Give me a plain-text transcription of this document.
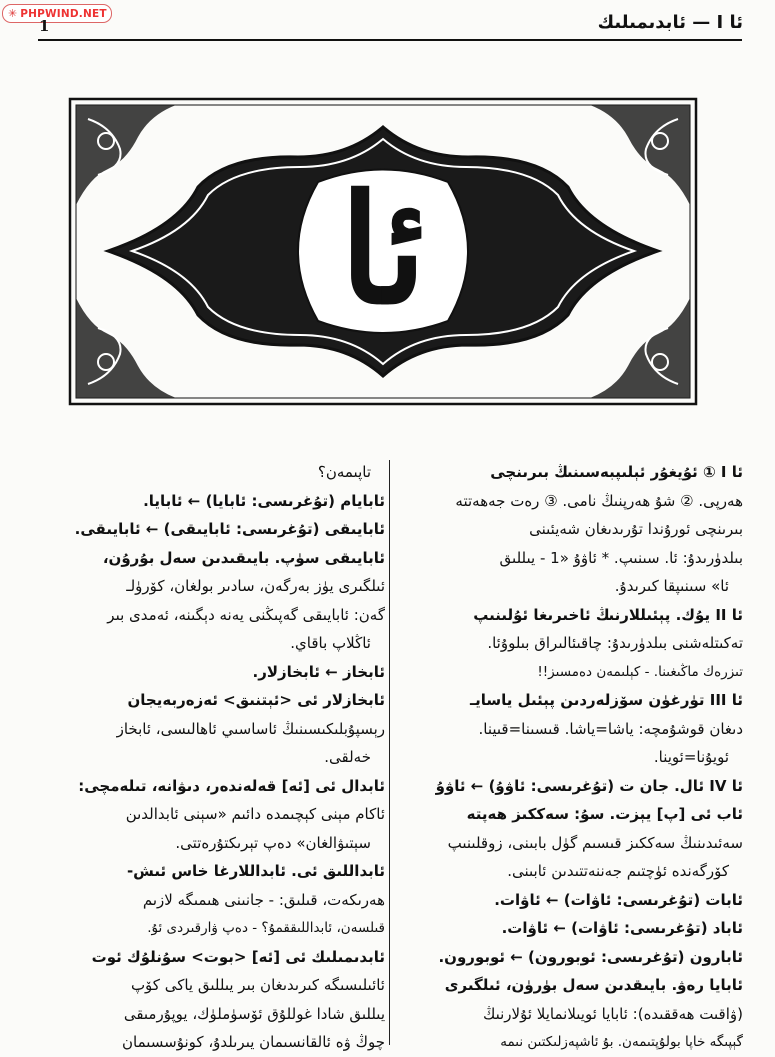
✳ PHPWIND.NET
1	ئا I — ئابدىمىلىك
ئا
ئا I ① ئۇيغۇر ئېلىپبەسىنىڭ بىرىنچى
ھەرپى. ② شۇ ھەرپنىڭ نامى. ③ رەت جەھەتتە
بىرىنچى ئورۇندا تۇرىدىغان شەيئىنى
بىلدۈرىدۇ: ئا. سىنىپ. * ئاۋۇ «1 - يىللىق
ئا» سىنىپقا كىرىدۇ.
ئا II يۇك. پېئىللارنىڭ ئاخىرىغا ئۇلىنىپ
تەكىتلەشنى بىلدۈرىدۇ: چاقىئالىراق بىلوۇئا.
تىزرەك ماڭىغىنا. - كېلىمەن دەمسىز!!
ئا III تۈرغۈن سۆزلەردىن پېئىل ياسايـ
دىغان قوشۇمچە: ياشا=ياشا. قىسىنا=قىينا.
ئويۇنا=ئوينا.
ئا IV ئال. جان ت (تۇغرىسى: ئاۋۇ) ← ئاۋۇ
ئاب ئى [پ] يېزت. سۇ: سەككىز ھەپتە
سەئىدىنىڭ سەككىز قىسىم گۈل بابىنى، زوقلىنىپ
كۆرگەندە ئۈچتىم جەننەتتىدىن ئابىنى.
ئابات (تۇغرىسى: ئاۋات) ← ئاۋات.
ئاباد (تۇغرىسى: ئاۋات) ← ئاۋات.
ئابارون (تۇغرىسى: ئوبورون) ← ئوبورون.
ئابايا رەۋ. بايىقدىن سەل بۈرۈن، ئىلگىرى
(ۋاقىت ھەققىدە): ئابايا ئويىلانمايلا ئۇلارنىڭ
گېپىگە خاپا بولۇپتىمەن. بۇ ئاشپەزلىكتىن نىمە
تاپىمەن؟
ئابايام (تۇغرىسى: ئابايا) ← ئابايا.
ئابايىقى (تۇغرىسى: ئابايىقى) ← ئابايىقى.
ئابايىقى سۈپ. بايىقىدىن سەل بۇرۇن،
ئىلگىرى يۈز بەرگەن، سادىر بولغان، كۆرۈلـ
گەن: ئابايىقى گەپىڭنى يەنە دېگىنە، ئەمدى بىر
ئاڭلاپ باقاي.
ئابخاز ← ئابخازلار.
ئابخازلار ئى <ئېتنىق> ئەزەربەيجان
رېسپۇبلىكىسىنىڭ ئاساسىي ئاھالىسى، ئابخاز
خەلقى.
ئابدال ئى [ئە] قەلەندەر، دىۋانە، تىلەمچى:
ئاكام مېنى كېچىمدە دائىم «سېنى ئابدالدىن
سېتىۋالغان» دەپ تېرىكتۇرەتتى.
ئابداللىق ئى. ئابداللارغا خاس ئىش-
ھەرىكەت، قىلىق: - جانىنى ھىمىگە لازىم
قىلسەن، ئابداللىققمۇ؟ - دەپ ۋارقىردى ئۇ.
ئابدىمىلىك ئى [ئە] <بوت> سۇنلۇك ئوت
ئائىلىسىگە كىرىدىغان بىر يىللىق ياكى كۆپ
يىللىق شادا غوللۇق ئۆسۈملۈك، يوپۇرمىقى
چوڭ ۋە ئالقانسىمان يىرىلدۇ، كونۇسسىمان
